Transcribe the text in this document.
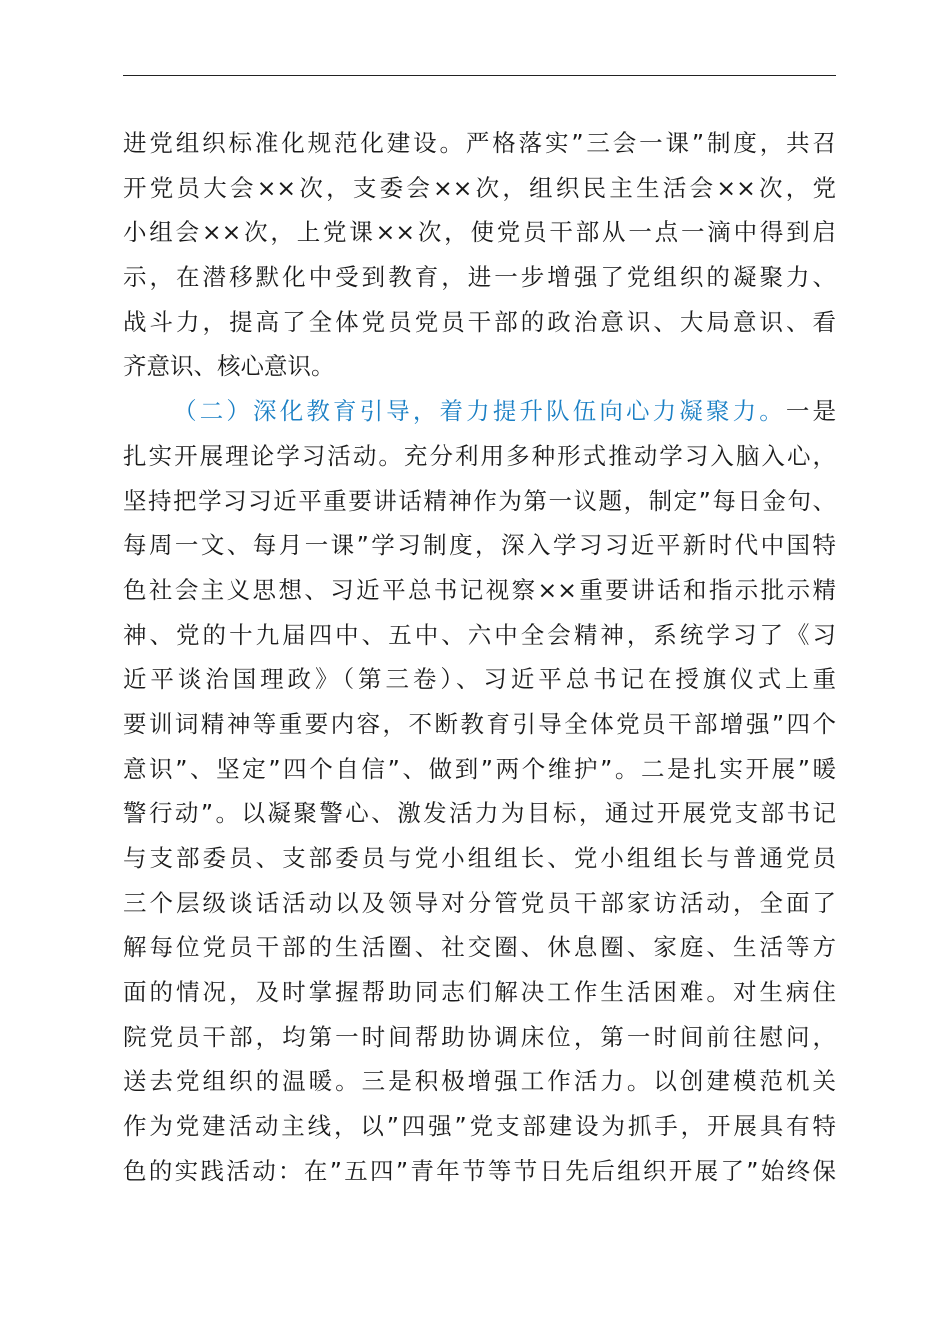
进党组织标准化规范化建设。严格落实”三会一课”制度，共召
开党员大会××次，支委会××次，组织民主生活会××次，党
小组会××次，上党课××次，使党员干部从一点一滴中得到启
示，在潜移默化中受到教育，进一步增强了党组织的凝聚力、
战斗力，提高了全体党员党员干部的政治意识、大局意识、看
齐意识、核心意识。
（二）深化教育引导，着力提升队伍向心力凝聚力。一是
扎实开展理论学习活动。充分利用多种形式推动学习入脑入心，
坚持把学习习近平重要讲话精神作为第一议题，制定”每日金句、
每周一文、每月一课”学习制度，深入学习习近平新时代中国特
色社会主义思想、习近平总书记视察××重要讲话和指示批示精
神、党的十九届四中、五中、六中全会精神，系统学习了《习
近平谈治国理政》（第三卷）、习近平总书记在授旗仪式上重
要训词精神等重要内容，不断教育引导全体党员干部增强”四个
意识”、坚定”四个自信”、做到”两个维护”。二是扎实开展”暖
警行动”。以凝聚警心、激发活力为目标，通过开展党支部书记
与支部委员、支部委员与党小组组长、党小组组长与普通党员
三个层级谈话活动以及领导对分管党员干部家访活动，全面了
解每位党员干部的生活圈、社交圈、休息圈、家庭、生活等方
面的情况，及时掌握帮助同志们解决工作生活困难。对生病住
院党员干部，均第一时间帮助协调床位，第一时间前往慰问，
送去党组织的温暖。三是积极增强工作活力。以创建模范机关
作为党建活动主线，以”四强”党支部建设为抓手，开展具有特
色的实践活动：在”五四”青年节等节日先后组织开展了”始终保
